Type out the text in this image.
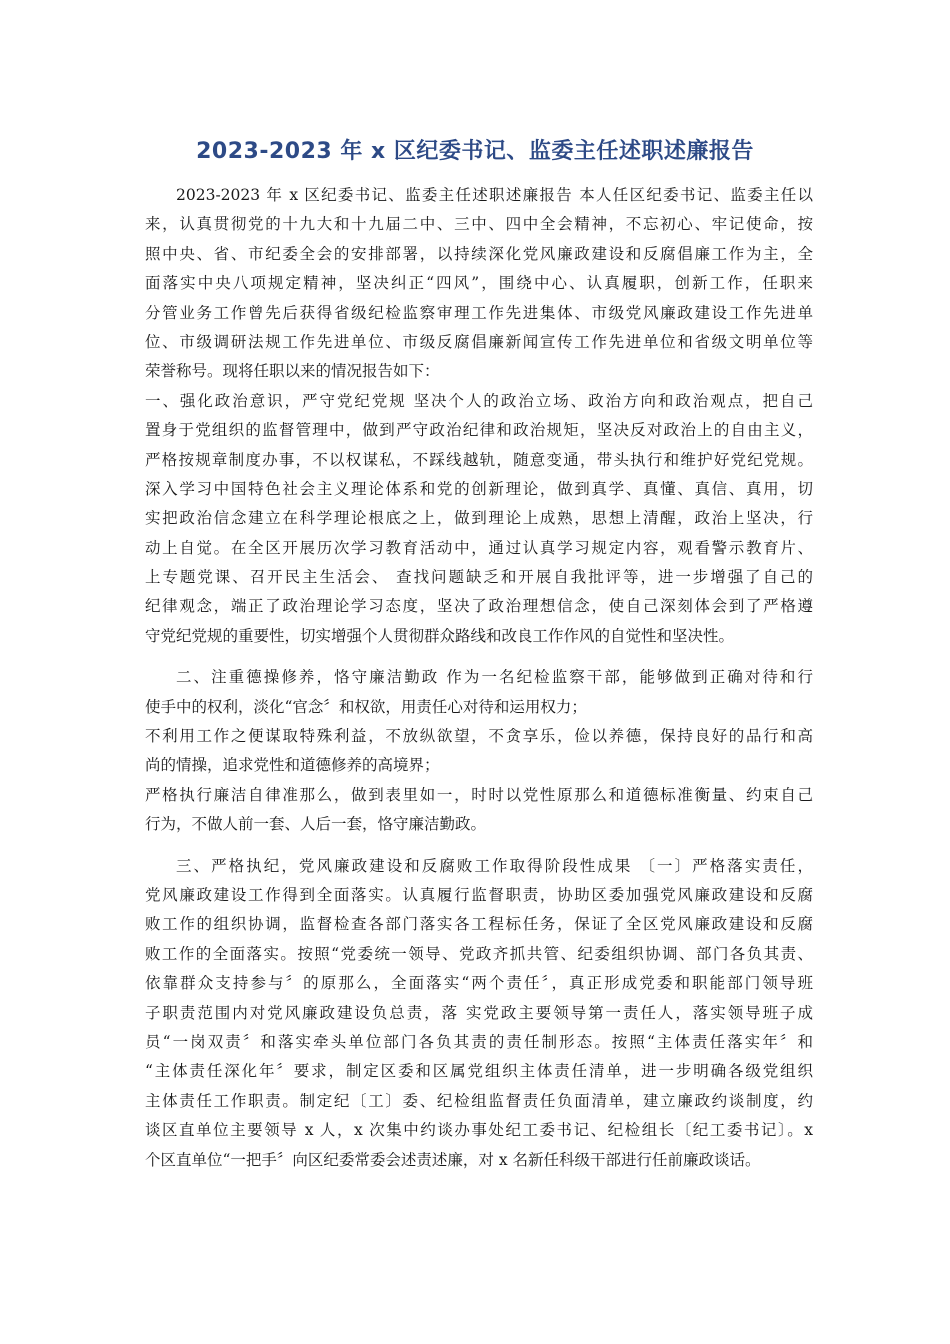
2023-2023 年 x 区纪委书记、监委主任述职述廉报告
2023-2023 年 x 区纪委书记、监委主任述职述廉报告 本人任区纪委书记、监委主任以
来，认真贯彻党的十九大和十九届二中、三中、四中全会精神，不忘初心、牢记使命，按
照中央、省、市纪委全会的安排部署，以持续深化党风廉政建设和反腐倡廉工作为主，全
面落实中央八项规定精神，坚决纠正“四风”，围绕中心、认真履职，创新工作，任职来
分管业务工作曾先后获得省级纪检监察审理工作先进集体、市级党风廉政建设工作先进单
位、市级调研法规工作先进单位、市级反腐倡廉新闻宣传工作先进单位和省级文明单位等
荣誉称号。现将任职以来的情况报告如下：
一、强化政治意识，严守党纪党规 坚决个人的政治立场、政治方向和政治观点，把自己
置身于党组织的监督管理中，做到严守政治纪律和政治规矩，坚决反对政治上的自由主义，
严格按规章制度办事，不以权谋私，不踩线越轨，随意变通，带头执行和维护好党纪党规。
深入学习中国特色社会主义理论体系和党的创新理论，做到真学、真懂、真信、真用，切
实把政治信念建立在科学理论根底之上，做到理论上成熟，思想上清醒，政治上坚决，行
动上自觉。在全区开展历次学习教育活动中，通过认真学习规定内容，观看警示教育片、
上专题党课、召开民主生活会、 查找问题缺乏和开展自我批评等，进一步增强了自己的
纪律观念，端正了政治理论学习态度，坚决了政治理想信念，使自己深刻体会到了严格遵
守党纪党规的重要性，切实增强个人贯彻群众路线和改良工作作风的自觉性和坚决性。
二、注重德操修养，恪守廉洁勤政 作为一名纪检监察干部，能够做到正确对待和行
使手中的权利，淡化“官念〞和权欲，用责任心对待和运用权力；
不利用工作之便谋取特殊利益，不放纵欲望，不贪享乐，俭以养德，保持良好的品行和高
尚的情操，追求党性和道德修养的高境界；
严格执行廉洁自律准那么，做到表里如一，时时以党性原那么和道德标准衡量、约束自己
行为，不做人前一套、人后一套，恪守廉洁勤政。
三、严格执纪，党风廉政建设和反腐败工作取得阶段性成果 〔一〕严格落实责任，
党风廉政建设工作得到全面落实。认真履行监督职责，协助区委加强党风廉政建设和反腐
败工作的组织协调，监督检查各部门落实各工程标任务，保证了全区党风廉政建设和反腐
败工作的全面落实。按照“党委统一领导、党政齐抓共管、纪委组织协调、部门各负其责、
依靠群众支持参与〞的原那么，全面落实“两个责任〞，真正形成党委和职能部门领导班
子职责范围内对党风廉政建设负总责，落 实党政主要领导第一责任人，落实领导班子成
员“一岗双责〞和落实牵头单位部门各负其责的责任制形态。按照“主体责任落实年〞和
“主体责任深化年〞要求，制定区委和区属党组织主体责任清单，进一步明确各级党组织
主体责任工作职责。制定纪〔工〕委、纪检组监督责任负面清单，建立廉政约谈制度，约
谈区直单位主要领导 x 人，x 次集中约谈办事处纪工委书记、纪检组长〔纪工委书记〕。x
个区直单位“一把手〞向区纪委常委会述责述廉，对 x 名新任科级干部进行任前廉政谈话。
